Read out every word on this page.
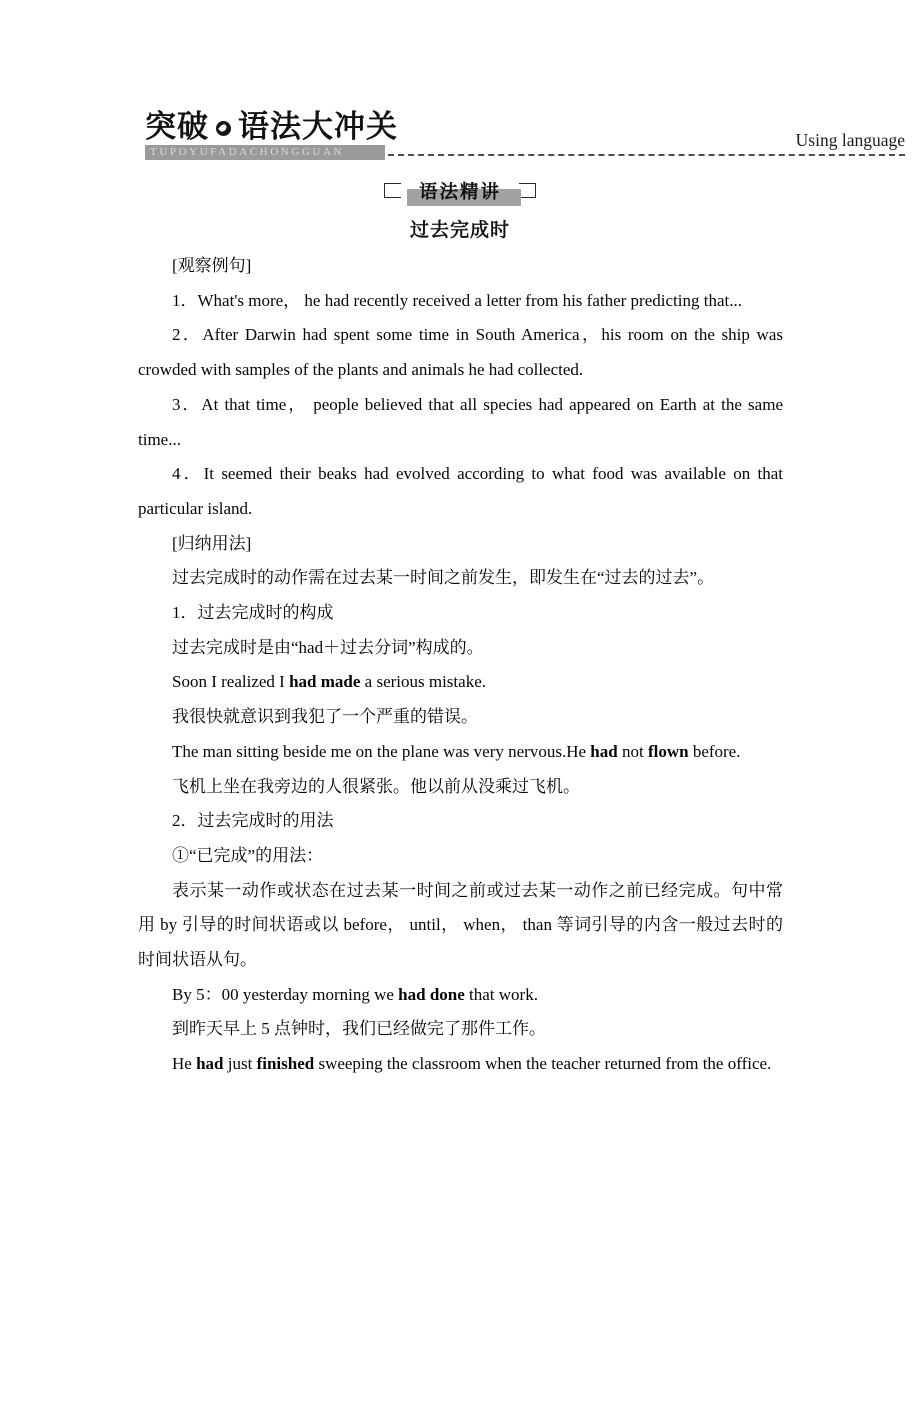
突破 语法大冲关
TUPOYUFADACHONGGUAN
Using language
语法精讲
过去完成时

[观察例句]

1．What's more， he had recently received a letter from his father predicting that...

2．After Darwin had spent some time in South America，his room on the ship was crowded with samples of the plants and animals he had collected.

3．At that time， people believed that all species had appeared on Earth at the same time...

4．It seemed their beaks had evolved according to what food was available on that particular island.

[归纳用法]

过去完成时的动作需在过去某一时间之前发生，即发生在“过去的过去”。

1．过去完成时的构成

过去完成时是由“had＋过去分词”构成的。

Soon I realized I had made a serious mistake.

我很快就意识到我犯了一个严重的错误。

The man sitting beside me on the plane was very nervous.He had not flown before.

飞机上坐在我旁边的人很紧张。他以前从没乘过飞机。

2．过去完成时的用法

①“已完成”的用法：

表示某一动作或状态在过去某一时间之前或过去某一动作之前已经完成。句中常用 by 引导的时间状语或以 before， until， when， than 等词引导的内含一般过去时的时间状语从句。

By 5：00 yesterday morning we had done that work.

到昨天早上 5 点钟时，我们已经做完了那件工作。

He had just finished sweeping the classroom when the teacher returned from the office.
